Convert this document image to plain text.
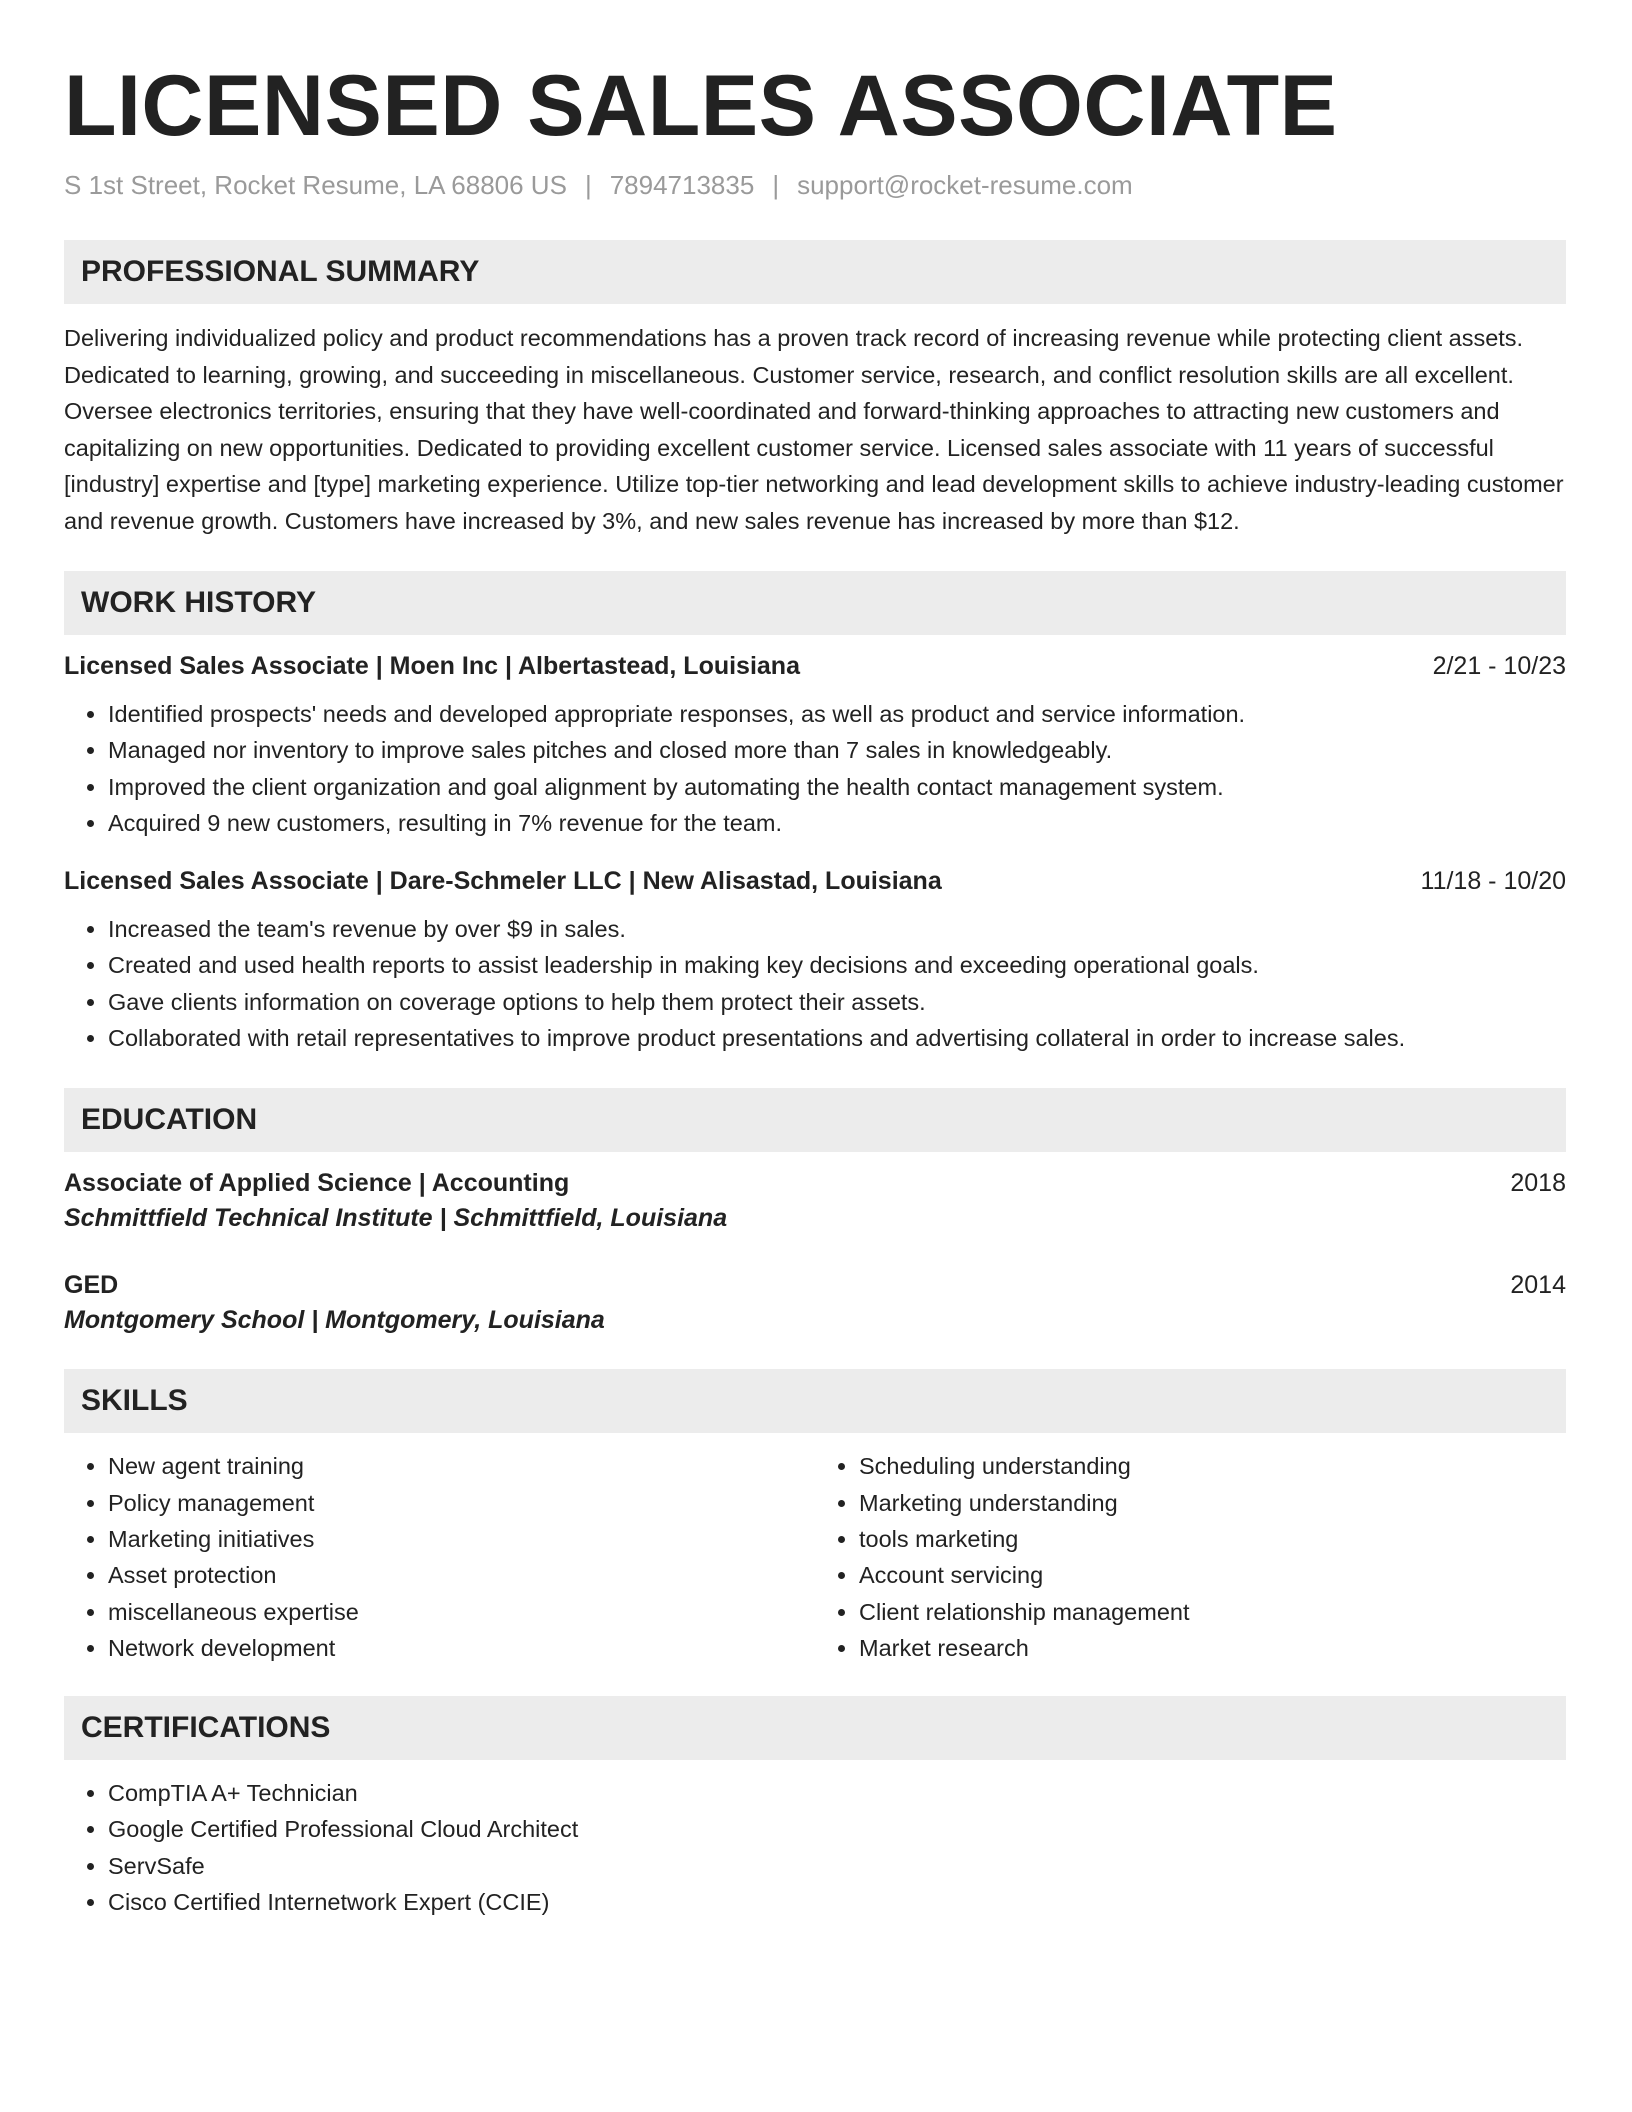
LICENSED SALES ASSOCIATE
S 1st Street, Rocket Resume, LA 68806 US | 7894713835 | support@rocket-resume.com
PROFESSIONAL SUMMARY

Delivering individualized policy and product recommendations has a proven track record of increasing revenue while protecting client assets. Dedicated to learning, growing, and succeeding in miscellaneous. Customer service, research, and conflict resolution skills are all excellent. Oversee electronics territories, ensuring that they have well-coordinated and forward-thinking approaches to attracting new customers and capitalizing on new opportunities. Dedicated to providing excellent customer service. Licensed sales associate with 11 years of successful [industry] expertise and [type] marketing experience. Utilize top-tier networking and lead development skills to achieve industry-leading customer and revenue growth. Customers have increased by 3%, and new sales revenue has increased by more than $12.

WORK HISTORY
Licensed Sales Associate | Moen Inc | Albertastead, Louisiana	2/21 - 10/23
• Identified prospects' needs and developed appropriate responses, as well as product and service information.
• Managed nor inventory to improve sales pitches and closed more than 7 sales in knowledgeably.
• Improved the client organization and goal alignment by automating the health contact management system.
• Acquired 9 new customers, resulting in 7% revenue for the team.
Licensed Sales Associate | Dare-Schmeler LLC | New Alisastad, Louisiana	11/18 - 10/20
• Increased the team's revenue by over $9 in sales.
• Created and used health reports to assist leadership in making key decisions and exceeding operational goals.
• Gave clients information on coverage options to help them protect their assets.
• Collaborated with retail representatives to improve product presentations and advertising collateral in order to increase sales.
EDUCATION
Associate of Applied Science | Accounting	2018
Schmittfield Technical Institute | Schmittfield, Louisiana
GED	2014
Montgomery School | Montgomery, Louisiana
SKILLS
• New agent training
• Policy management
• Marketing initiatives
• Asset protection
• miscellaneous expertise
• Network development
• Scheduling understanding
• Marketing understanding
• tools marketing
• Account servicing
• Client relationship management
• Market research
CERTIFICATIONS
• CompTIA A+ Technician
• Google Certified Professional Cloud Architect
• ServSafe
• Cisco Certified Internetwork Expert (CCIE)
